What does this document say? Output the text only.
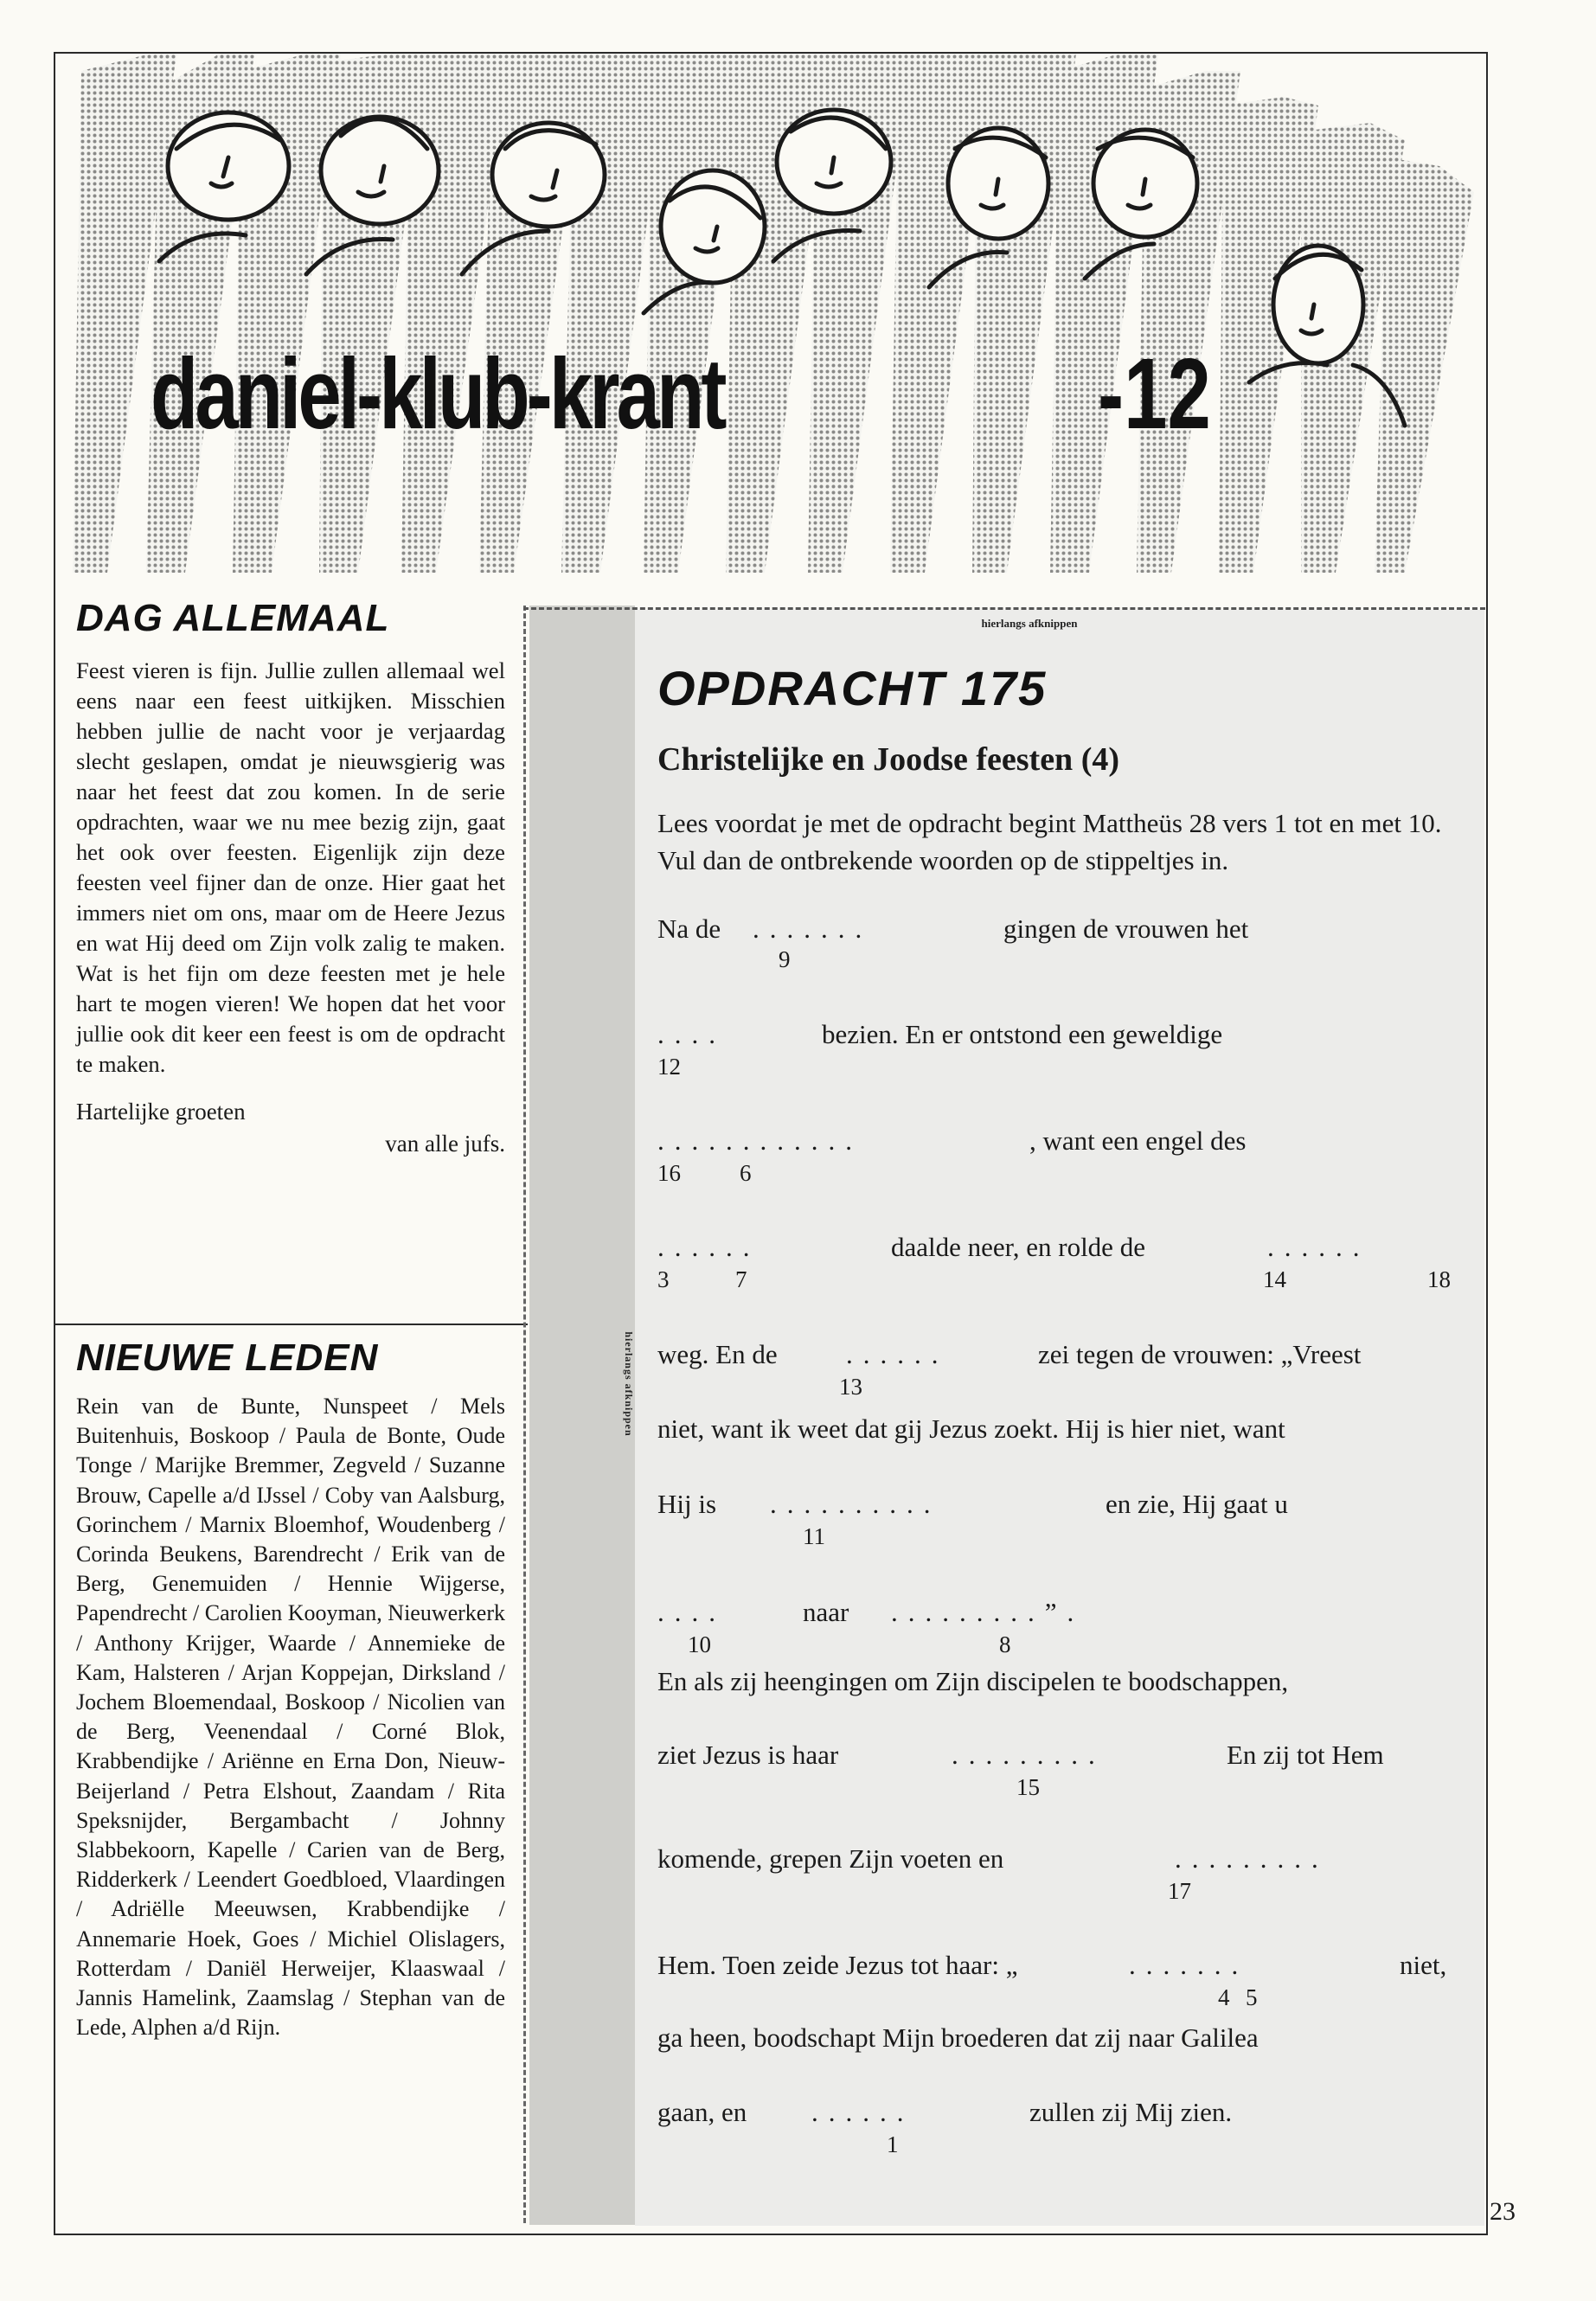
daniel-klub-krant	-12
DAG ALLEMAAL

Feest vieren is fijn. Jullie zullen allemaal wel eens naar een feest uitkijken. Misschien hebben jullie de nacht voor je verjaardag slecht geslapen, omdat je nieuwsgierig was naar het feest dat zou komen. In de serie opdrachten, waar we nu mee bezig zijn, gaat het ook over feesten. Eigenlijk zijn deze feesten veel fijner dan de onze. Hier gaat het immers niet om ons, maar om de Heere Jezus en wat Hij deed om Zijn volk zalig te maken. Wat is het fijn om deze feesten met je hele hart te mogen vieren! We hopen dat het voor jullie ook dit keer een feest is om de opdracht te maken.

Hartelijke groeten
van alle jufs.
NIEUWE LEDEN

Rein van de Bunte, Nunspeet / Mels Buitenhuis, Boskoop / Paula de Bonte, Oude Tonge / Marijke Bremmer, Zegveld / Suzanne Brouw, Capelle a/d IJssel / Coby van Aalsburg, Gorinchem / Marnix Bloemhof, Woudenberg / Corinda Beukens, Barendrecht / Erik van de Berg, Genemuiden / Hennie Wijgerse, Papendrecht / Carolien Kooyman, Nieuwerkerk / Anthony Krijger, Waarde / Annemieke de Kam, Halsteren / Arjan Koppejan, Dirksland / Jochem Bloemendaal, Boskoop / Nicolien van de Berg, Veenendaal / Corné Blok, Krabbendijke / Ariënne en Erna Don, Nieuw-Beijerland / Petra Elshout, Zaandam / Rita Speksnijder, Bergambacht / Johnny Slabbekoorn, Kapelle / Carien van de Berg, Ridderkerk / Leendert Goedbloed, Vlaardingen / Adriëlle Meeuwsen, Krabbendijke / Annemarie Hoek, Goes / Michiel Olislagers, Rotterdam / Daniël Herweijer, Klaaswaal / Jannis Hamelink, Zaamslag / Stephan van de Lede, Alphen a/d Rijn.

hierlangs afknippen
OPDRACHT 175
Christelijke en Joodse feesten (4)
Lees voordat je met de opdracht begint Mattheüs 28 vers 1 tot en met 10.
Vul dan de ontbrekende woorden op de stippeltjes in.
Na de .......	gingen de vrouwen het
9
....	bezien. En er ontstond een geweldige
12
............	, want een engel des
16	6
......	daalde neer, en rolde de	......
3	7	14	18
weg. En de	......	zei tegen de vrouwen: „Vreest
13
niet, want ik weet dat gij Jezus zoekt. Hij is hier niet, want
Hij is ..........	en zie, Hij gaat u
11
....	naar .........”.
10	8
En als zij heengingen om Zijn discipelen te boodschappen,
ziet Jezus is haar	.........	En zij tot Hem
15
komende, grepen Zijn voeten en	.........
17
Hem. Toen zeide Jezus tot haar: „	.......	niet,
4 5
ga heen, boodschapt Mijn broederen dat zij naar Galilea
gaan, en ......	zullen zij Mij zien.
1
hierlangs afknippen
23
